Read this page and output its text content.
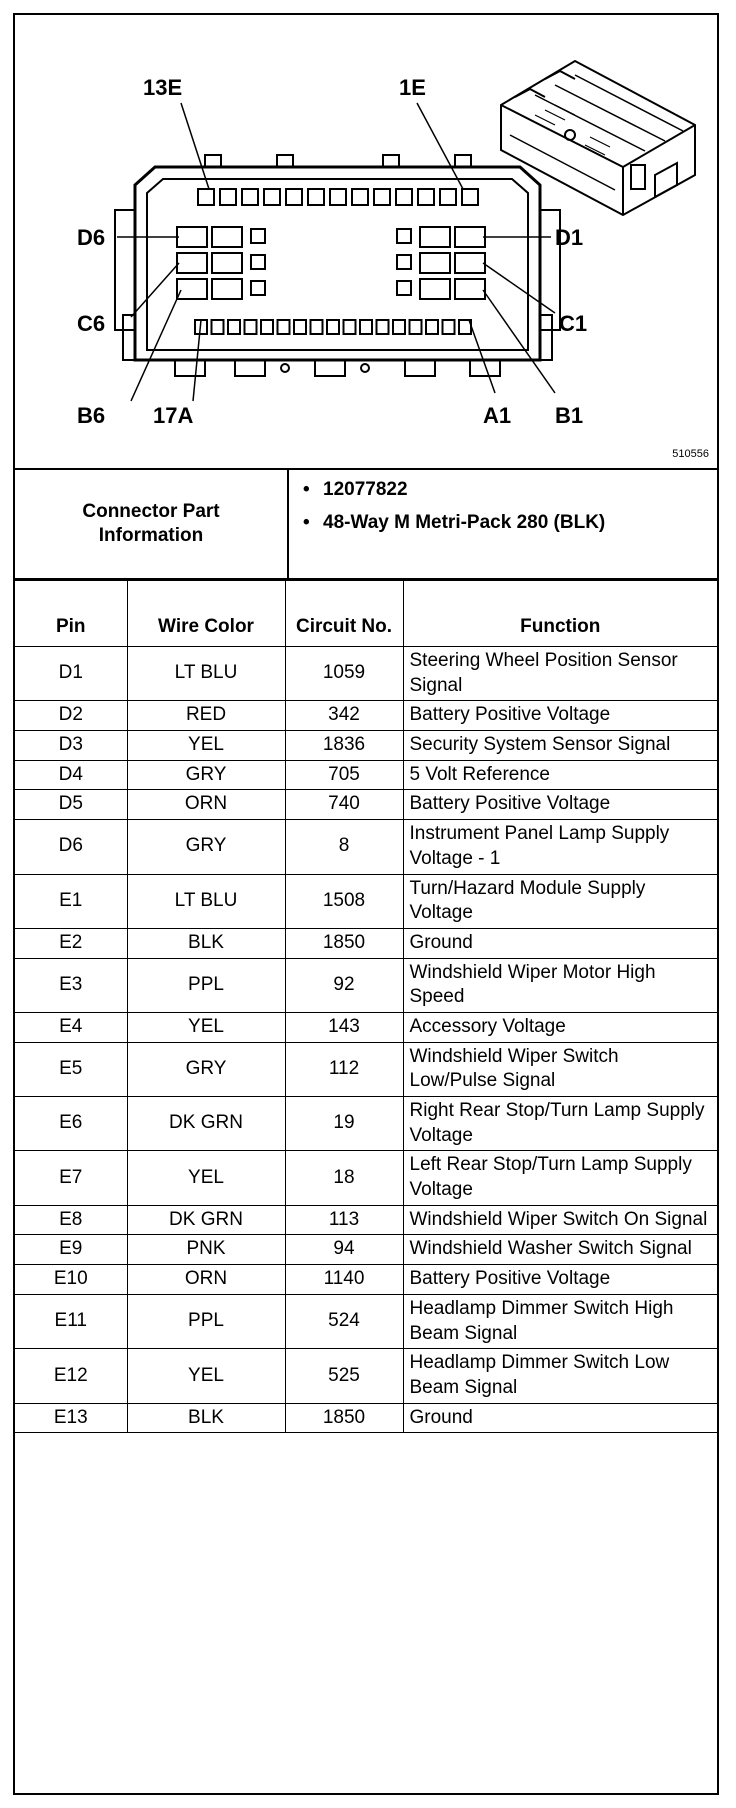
13E	1E
D6	D1
C6	C1
B6 17A	A1 B1
510556
Connector Part Information
• 12077822
• 48-Way M Metri-Pack 280 (BLK)
Pin	Wire Color	Circuit No.	Function
D1	LT BLU	1059	Steering Wheel Position Sensor Signal
D2	RED	342	Battery Positive Voltage
D3	YEL	1836	Security System Sensor Signal
D4	GRY	705	5 Volt Reference
D5	ORN	740	Battery Positive Voltage
D6	GRY	8	Instrument Panel Lamp Supply Voltage - 1
E1	LT BLU	1508	Turn/Hazard Module Supply Voltage
E2	BLK	1850	Ground
E3	PPL	92	Windshield Wiper Motor High Speed
E4	YEL	143	Accessory Voltage
E5	GRY	112	Windshield Wiper Switch Low/Pulse Signal
E6	DK GRN	19	Right Rear Stop/Turn Lamp Supply Voltage
E7	YEL	18	Left Rear Stop/Turn Lamp Supply Voltage
E8	DK GRN	113	Windshield Wiper Switch On Signal
E9	PNK	94	Windshield Washer Switch Signal
E10	ORN	1140	Battery Positive Voltage
E11	PPL	524	Headlamp Dimmer Switch High Beam Signal
E12	YEL	525	Headlamp Dimmer Switch Low Beam Signal
E13	BLK	1850	Ground
